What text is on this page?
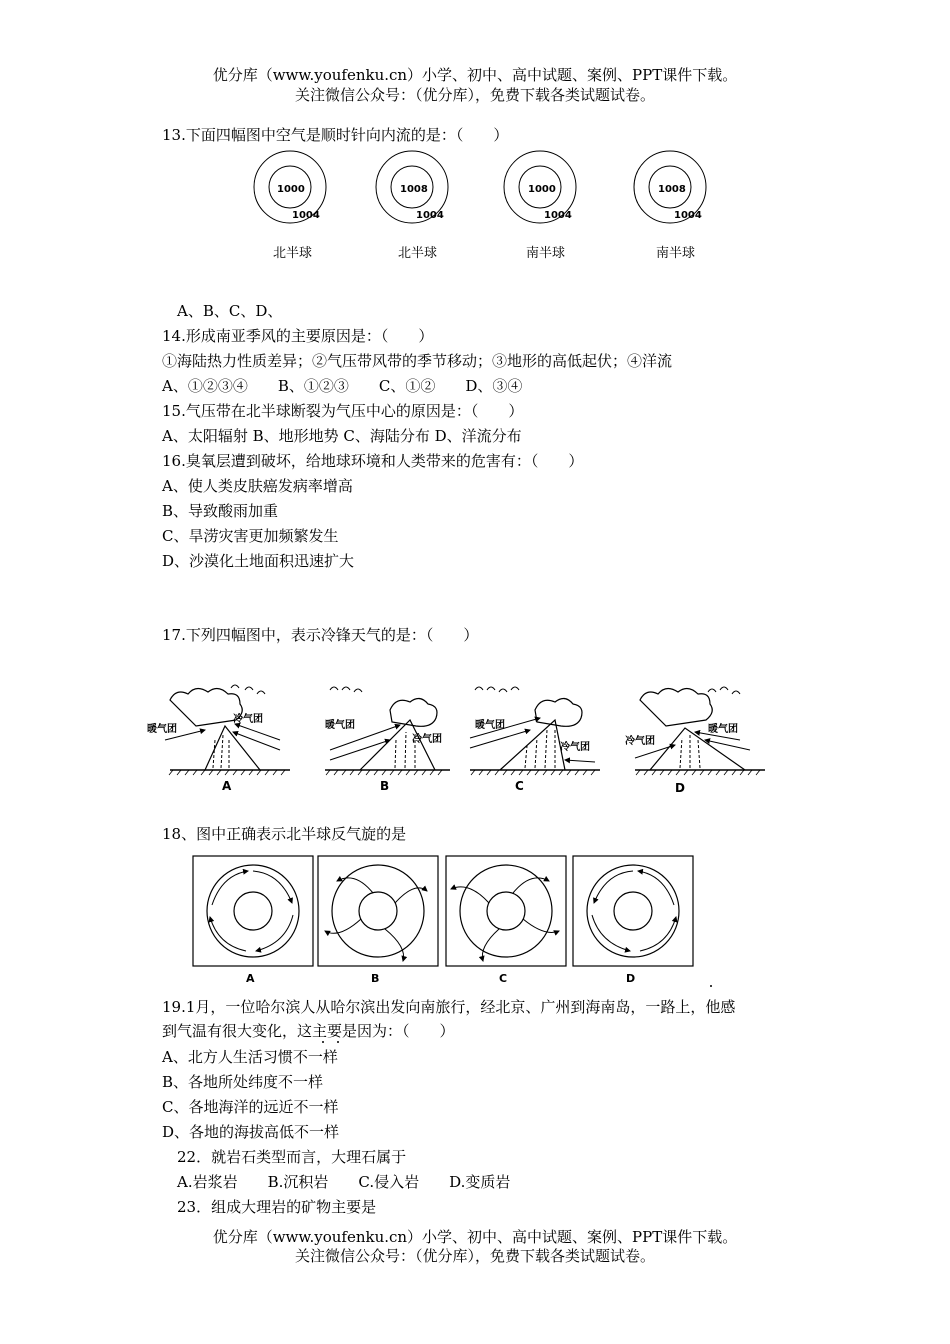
优分库（www.youfenku.cn）小学、初中、高中试题、案例、PPT课件下载。
关注微信公众号：（优分库），免费下载各类试题试卷。
13.下面四幅图中空气是顺时针向内流的是：（　　）
1000
1004
1008
1004
1000
1004
1008
1004
北半球	北半球	南半球	南半球
A、B、C、D、
14.形成南亚季风的主要原因是：（　　）
①海陆热力性质差异；②气压带风带的季节移动；③地形的高低起伏；④洋流
A、①②③④　　B、①②③　　C、①②　　D、③④
15.气压带在北半球断裂为气压中心的原因是：（　　）
A、太阳辐射 B、地形地势 C、海陆分布 D、洋流分布
16.臭氧层遭到破坏，给地球环境和人类带来的危害有：（　　）
A、使人类皮肤癌发病率增高
B、导致酸雨加重
C、旱涝灾害更加频繁发生
D、沙漠化土地面积迅速扩大
17.下列四幅图中，表示冷锋天气的是：（　　）
暖气团
冷气团
A
暖气团
冷气团
B
暖气团
冷气团
C
冷气团
暖气团
D
18、图中正确表示北半球反气旋的是
A	B	C	D
19.1月，一位哈尔滨人从哈尔滨出发向南旅行，经北京、广州到海南岛，一路上，他感
到气温有很大变化，这主要是因为：（　　）
A、北方人生活习惯不一样
B、各地所处纬度不一样
C、各地海洋的远近不一样
D、各地的海拔高低不一样
22．就岩石类型而言，大理石属于
A.岩浆岩　　B.沉积岩　　C.侵入岩　　D.变质岩
23．组成大理岩的矿物主要是
优分库（www.youfenku.cn）小学、初中、高中试题、案例、PPT课件下载。
关注微信公众号：（优分库），免费下载各类试题试卷。
